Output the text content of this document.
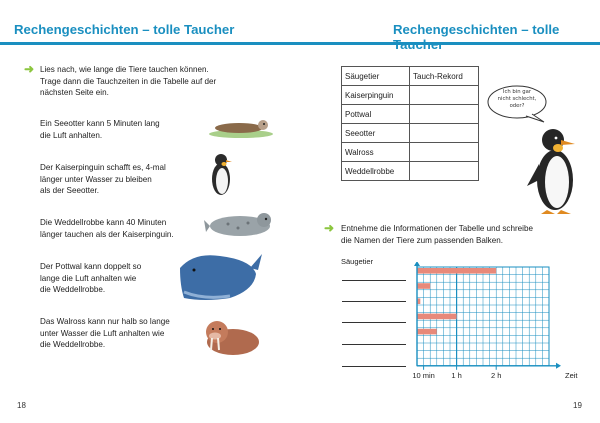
Rechengeschichten – tolle Taucher
➜ Lies nach, wie lange die Tiere tauchen können.
Trage dann die Tauchzeiten in die Tabelle auf der
nächsten Seite ein.
Ein Seeotter kann 5 Minuten lang
die Luft anhalten.
Der Kaiserpinguin schafft es, 4-mal
länger unter Wasser zu bleiben
als der Seeotter.
Die Weddellrobbe kann 40 Minuten
länger tauchen als der Kaiserpinguin.
Der Pottwal kann doppelt so
lange die Luft anhalten wie
die Weddellrobbe.
Das Walross kann nur halb so lange
unter Wasser die Luft anhalten wie
die Weddellrobbe.
18
Rechengeschichten – tolle
Säugetier	Tauch-Rekord
Kaiserpinguin	
Pottwal	
Seeotter	
Walross	
Weddellrobbe	
Ich bin gar
nicht schlecht,
oder?
➜ Entnehme die Informationen der Tabelle und schreibe
die Namen der Tiere zum passenden Balken.
Säugetier
10 min 1 h	2 h	Zeit
19
